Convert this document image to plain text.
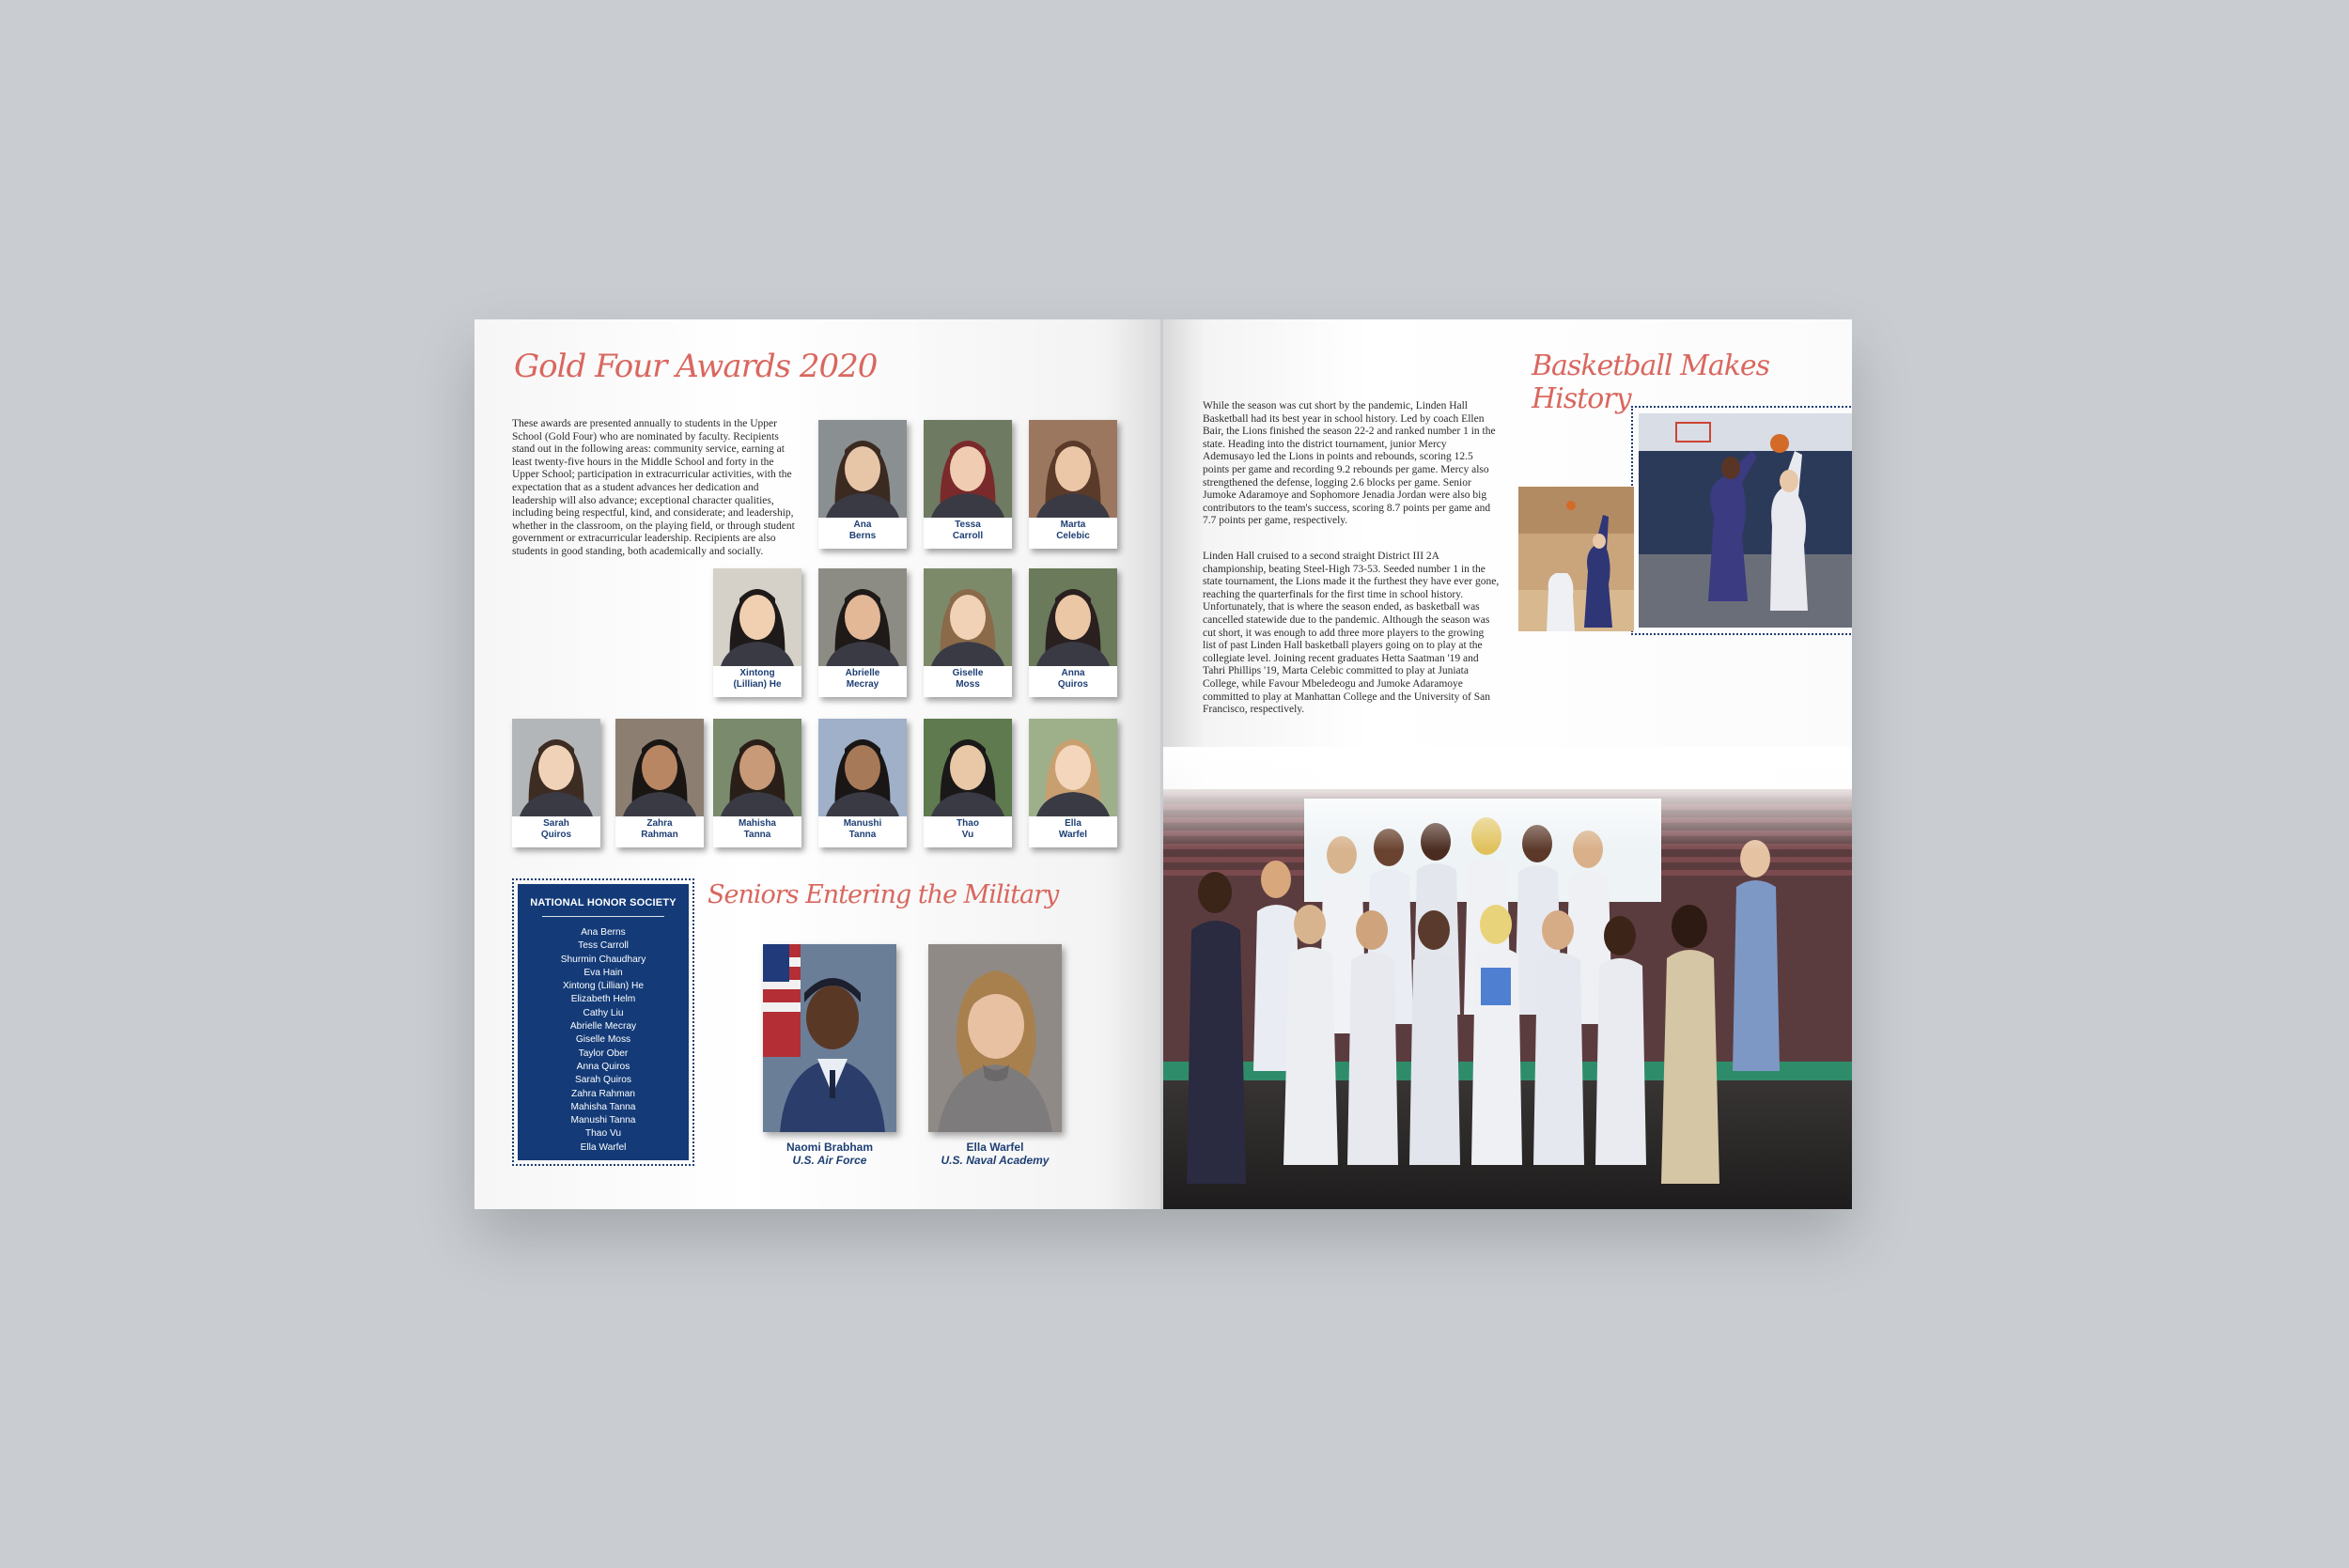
Gold Four Awards 2020
These awards are presented annually to students in the Upper School (Gold Four) who are nominated by faculty. Recipients stand out in the following areas: community service, earning at least twenty-five hours in the Middle School and forty in the Upper School; participation in extracurricular activities, with the expectation that as a student advances her dedication and leadership will also advance; exceptional character qualities, including being respectful, kind, and considerate; and leadership, whether in the classroom, on the playing field, or through student government or extracurricular leadership. Recipients are also students in good standing, both academically and socially.
Ana
Berns
Tessa
Carroll
Marta
Celebic
Xintong
(Lillian) He
Abrielle
Mecray
Giselle
Moss
Anna
Quiros
Sarah
Quiros
Zahra
Rahman
Mahisha
Tanna
Manushi
Tanna
Thao
Vu
Ella
Warfel
NATIONAL HONOR SOCIETY
Ana Berns
Tess Carroll
Shurmin Chaudhary
Eva Hain
Xintong (Lillian) He
Elizabeth Helm
Cathy Liu
Abrielle Mecray
Giselle Moss
Taylor Ober
Anna Quiros
Sarah Quiros
Zahra Rahman
Mahisha Tanna
Manushi Tanna
Thao Vu
Ella Warfel
Seniors Entering the Military
Naomi Brabham
U.S. Air Force
Ella Warfel
U.S. Naval Academy
Basketball Makes History
While the season was cut short by the pandemic, Linden Hall Basketball had its best year in school history. Led by coach Ellen Bair, the Lions finished the season 22-2 and ranked number 1 in the state. Heading into the district tournament, junior Mercy Ademusayo led the Lions in points and rebounds, scoring 12.5 points per game and recording 9.2 rebounds per game. Mercy also strengthened the defense, logging 2.6 blocks per game. Senior Jumoke Adaramoye and Sophomore Jenadia Jordan were also big contributors to the team's success, scoring 8.7 points per game and 7.7 points per game, respectively.
Linden Hall cruised to a second straight District III 2A championship, beating Steel-High 73-53. Seeded number 1 in the state tournament, the Lions made it the furthest they have ever gone, reaching the quarterfinals for the first time in school history. Unfortunately, that is where the season ended, as basketball was cancelled statewide due to the pandemic. Although the season was cut short, it was enough to add three more players to the growing list of past Linden Hall basketball players going on to play at the collegiate level. Joining recent graduates Hetta Saatman '19 and Tahri Phillips '19, Marta Celebic committed to play at Juniata College, while Favour Mbeledeogu and Jumoke Adaramoye committed to play at Manhattan College and the University of San Francisco, respectively.
